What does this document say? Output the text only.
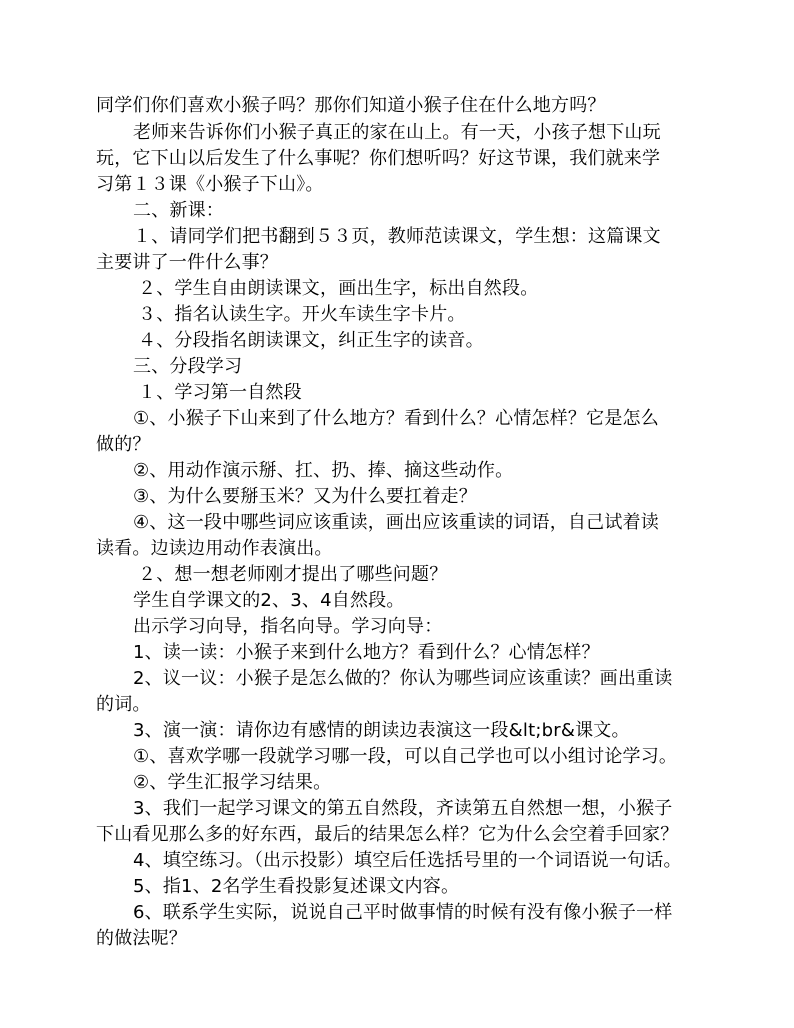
同学们你们喜欢小猴子吗？那你们知道小猴子住在什么地方吗？
老师来告诉你们小猴子真正的家在山上。有一天，小孩子想下山玩
玩，它下山以后发生了什么事呢？你们想听吗？好这节课，我们就来学
习第１３课《小猴子下山》。
二、新课：
１、请同学们把书翻到５３页，教师范读课文，学生想：这篇课文
主要讲了一件什么事？
２、学生自由朗读课文，画出生字，标出自然段。
３、指名认读生字。开火车读生字卡片。
４、分段指名朗读课文，纠正生字的读音。
三、分段学习
１、学习第一自然段
①、小猴子下山来到了什么地方？看到什么？心情怎样？它是怎么
做的？
②、用动作演示掰、扛、扔、捧、摘这些动作。
③、为什么要掰玉米？又为什么要扛着走？
④、这一段中哪些词应该重读，画出应该重读的词语，自己试着读
读看。边读边用动作表演出。
２、想一想老师刚才提出了哪些问题？
学生自学课文的2、3、4自然段。
出示学习向导，指名向导。学习向导：
1、读一读：小猴子来到什么地方？看到什么？心情怎样？
2、议一议：小猴子是怎么做的？你认为哪些词应该重读？画出重读
的词。
3、演一演：请你边有感情的朗读边表演这一段&lt;br&课文。
①、喜欢学哪一段就学习哪一段，可以自己学也可以小组讨论学习。
②、学生汇报学习结果。
3、我们一起学习课文的第五自然段，齐读第五自然想一想，小猴子
下山看见那么多的好东西，最后的结果怎么样？它为什么会空着手回家？
4、填空练习。（出示投影）填空后任选括号里的一个词语说一句话。
5、指1、2名学生看投影复述课文内容。
6、联系学生实际，说说自己平时做事情的时候有没有像小猴子一样
的做法呢？
